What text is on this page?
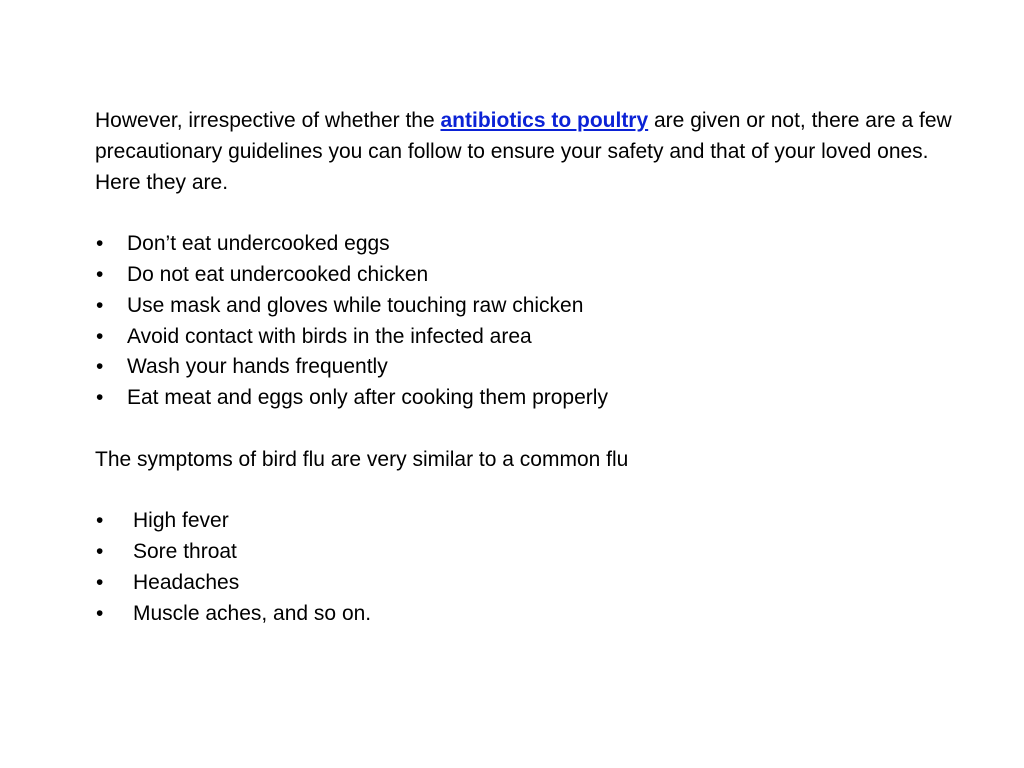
However, irrespective of whether the antibiotics to poultry are given or not, there are a few precautionary guidelines you can follow to ensure your safety and that of your loved ones. Here they are.

• Don’t eat undercooked eggs
• Do not eat undercooked chicken
• Use mask and gloves while touching raw chicken
• Avoid contact with birds in the infected area
• Wash your hands frequently
• Eat meat and eggs only after cooking them properly

The symptoms of bird flu are very similar to a common flu

• High fever
• Sore throat
• Headaches
• Muscle aches, and so on.
